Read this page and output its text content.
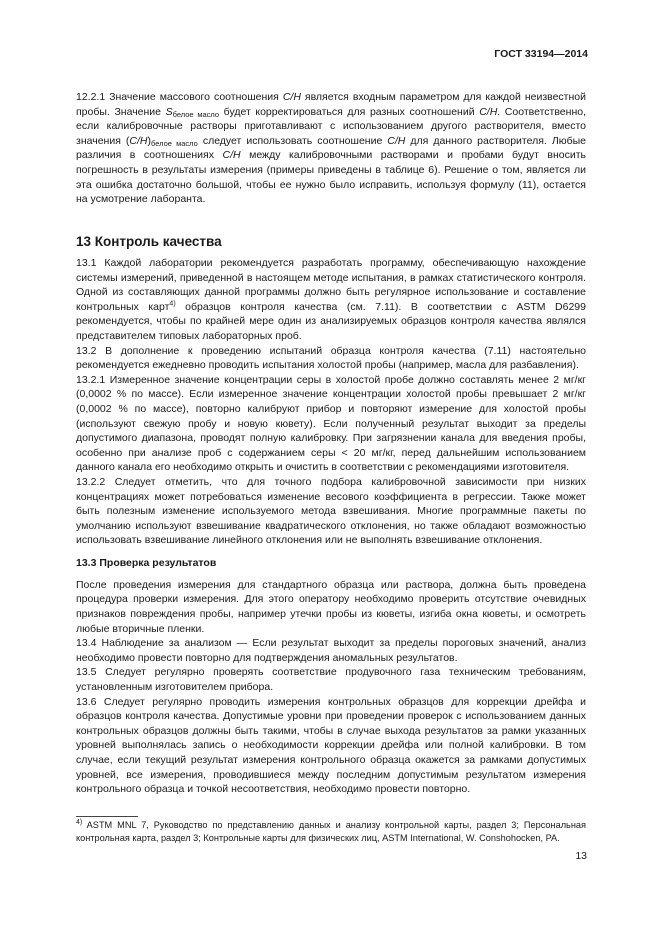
ГОСТ 33194—2014

12.2.1 Значение массового соотношения C/H является входным параметром для каждой неизвестной пробы. Значение $S_{белое масло}$ будет корректироваться для разных соотношений C/H. Соответственно, если калибровочные растворы приготавливают с использованием другого растворителя, вместо значения $(C/H)_{белое масло}$ следует использовать соотношение C/H для данного растворителя. Любые различия в соотношениях C/H между калибровочными растворами и пробами будут вносить погрешность в результаты измерения (примеры приведены в таблице 6). Решение о том, является ли эта ошибка достаточно большой, чтобы ее нужно было исправить, используя формулу (11), остается на усмотрение лаборанта.

13 Контроль качества

13.1 Каждой лаборатории рекомендуется разработать программу, обеспечивающую нахождение системы измерений, приведенной в настоящем методе испытания, в рамках статистического контроля. Одной из составляющих данной программы должно быть регулярное использование и составление контрольных карт$^{4)}$ образцов контроля качества (см. 7.11). В соответствии с ASTM D6299 рекомендуется, чтобы по крайней мере один из анализируемых образцов контроля качества являлся представителем типовых лабораторных проб.

13.2 В дополнение к проведению испытаний образца контроля качества (7.11) настоятельно рекомендуется ежедневно проводить испытания холостой пробы (например, масла для разбавления).

13.2.1 Измеренное значение концентрации серы в холостой пробе должно составлять менее 2 мг/кг (0,0002 % по массе). Если измеренное значение концентрации холостой пробы превышает 2 мг/кг (0,0002 % по массе), повторно калибруют прибор и повторяют измерение для холостой пробы (используют свежую пробу и новую кювету). Если полученный результат выходит за пределы допустимого диапазона, проводят полную калибровку. При загрязнении канала для введения пробы, особенно при анализе проб с содержанием серы < 20 мг/кг, перед дальнейшим использованием данного канала его необходимо открыть и очистить в соответствии с рекомендациями изготовителя.

13.2.2 Следует отметить, что для точного подбора калибровочной зависимости при низких концентрациях может потребоваться изменение весового коэффициента в регрессии. Также может быть полезным изменение используемого метода взвешивания. Многие программные пакеты по умолчанию используют взвешивание квадратического отклонения, но также обладают возможностью использовать взвешивание линейного отклонения или не выполнять взвешивание отклонения.

13.3 Проверка результатов

После проведения измерения для стандартного образца или раствора, должна быть проведена процедура проверки измерения. Для этого оператору необходимо проверить отсутствие очевидных признаков повреждения пробы, например утечки пробы из кюветы, изгиба окна кюветы, и осмотреть любые вторичные пленки.

13.4 Наблюдение за анализом — Если результат выходит за пределы пороговых значений, анализ необходимо провести повторно для подтверждения аномальных результатов.

13.5 Следует регулярно проверять соответствие продувочного газа техническим требованиям, установленным изготовителем прибора.

13.6 Следует регулярно проводить измерения контрольных образцов для коррекции дрейфа и образцов контроля качества. Допустимые уровни при проведении проверок с использованием данных контрольных образцов должны быть такими, чтобы в случае выхода результатов за рамки указанных уровней выполнялась запись о необходимости коррекции дрейфа или полной калибровки. В том случае, если текущий результат измерения контрольного образца окажется за рамками допустимых уровней, все измерения, проводившиеся между последним допустимым результатом измерения контрольного образца и точкой несоответствия, необходимо провести повторно.

$^{4)}$ ASTM MNL 7, Руководство по представлению данных и анализу контрольной карты, раздел 3; Персональная контрольная карта, раздел 3; Контрольные карты для физических лиц, ASTM International, W. Conshohocken, PA.
13
